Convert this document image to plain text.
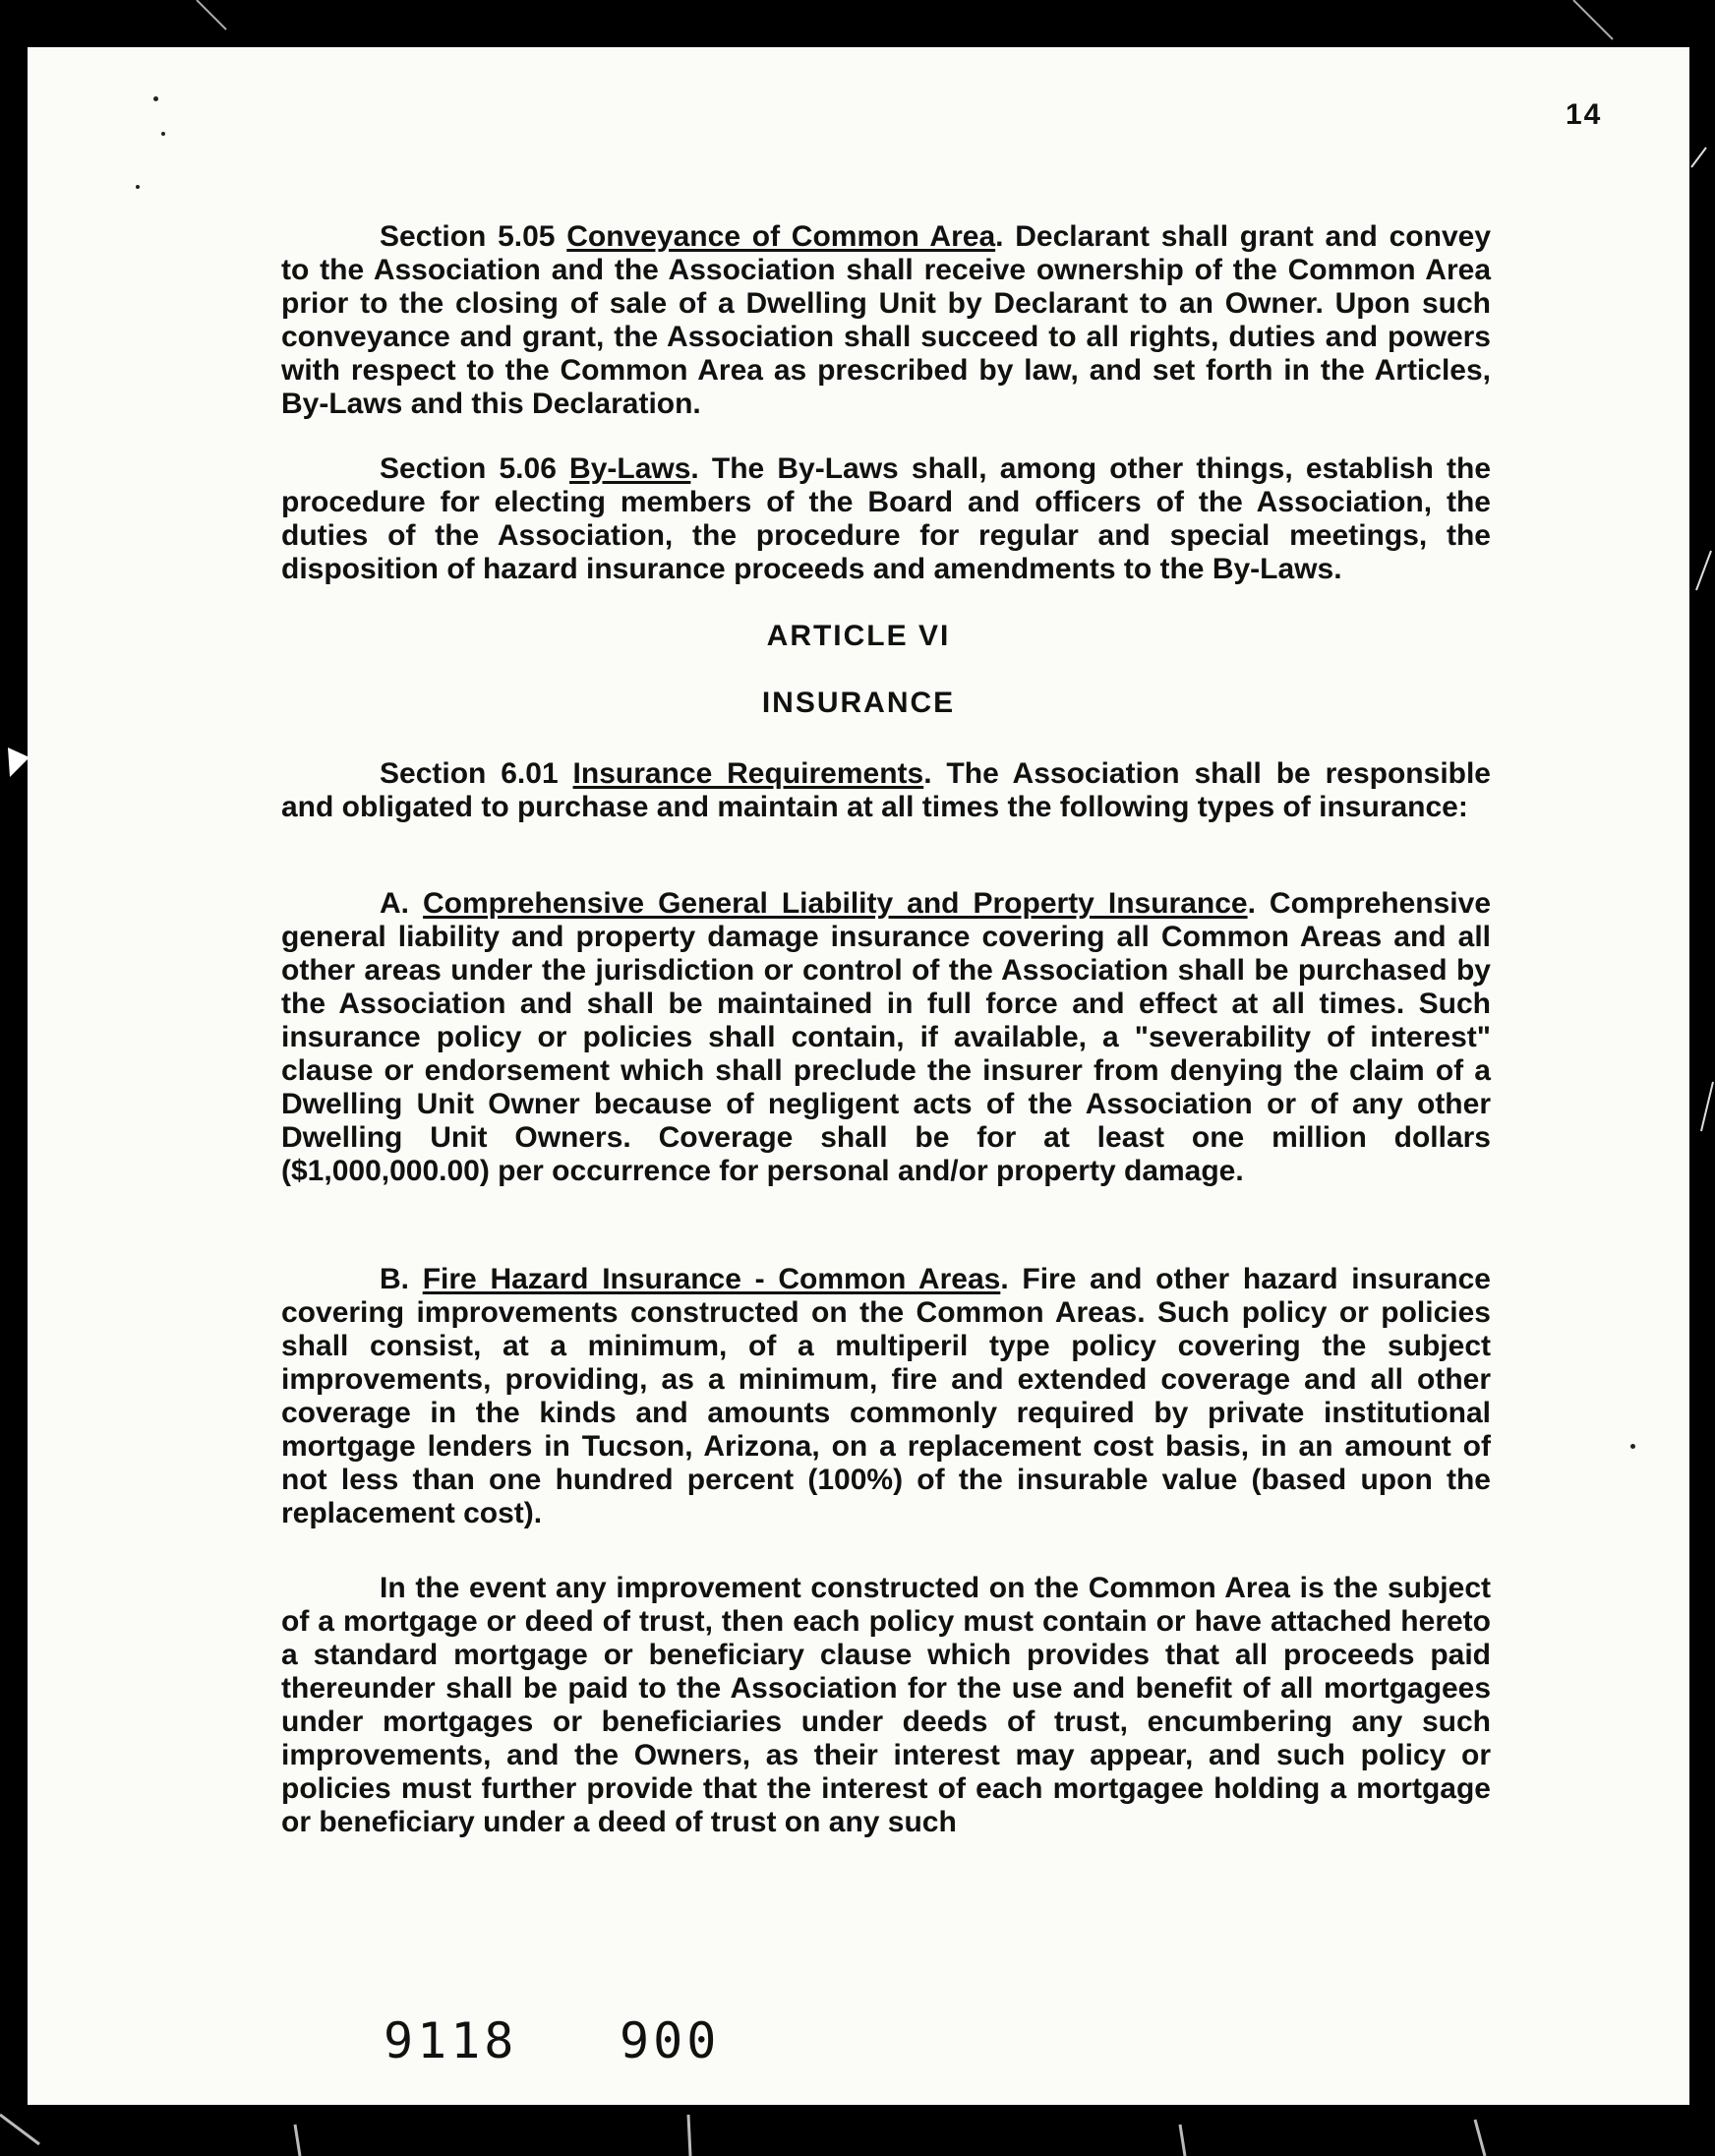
14
Section 5.05 Conveyance of Common Area. Declarant shall grant and convey to the Association and the Association shall receive ownership of the Common Area prior to the closing of sale of a Dwelling Unit by Declarant to an Owner. Upon such conveyance and grant, the Association shall succeed to all rights, duties and powers with respect to the Common Area as prescribed by law, and set forth in the Articles, By-Laws and this Declaration.
Section 5.06 By-Laws. The By-Laws shall, among other things, establish the procedure for electing members of the Board and officers of the Association, the duties of the Association, the procedure for regular and special meetings, the disposition of hazard insurance proceeds and amendments to the By-Laws.
ARTICLE VI
INSURANCE
Section 6.01 Insurance Requirements. The Association shall be responsible and obligated to purchase and maintain at all times the following types of insurance:
A. Comprehensive General Liability and Property Insurance. Comprehensive general liability and property damage insurance covering all Common Areas and all other areas under the jurisdiction or control of the Association shall be purchased by the Association and shall be maintained in full force and effect at all times. Such insurance policy or policies shall contain, if available, a "severability of interest" clause or endorsement which shall preclude the insurer from denying the claim of a Dwelling Unit Owner because of negligent acts of the Association or of any other Dwelling Unit Owners. Coverage shall be for at least one million dollars ($1,000,000.00) per occurrence for personal and/or property damage.
B. Fire Hazard Insurance - Common Areas. Fire and other hazard insurance covering improvements constructed on the Common Areas. Such policy or policies shall consist, at a minimum, of a multiperil type policy covering the subject improvements, providing, as a minimum, fire and extended coverage and all other coverage in the kinds and amounts commonly required by private institutional mortgage lenders in Tucson, Arizona, on a replacement cost basis, in an amount of not less than one hundred percent (100%) of the insurable value (based upon the replacement cost).
In the event any improvement constructed on the Common Area is the subject of a mortgage or deed of trust, then each policy must contain or have attached hereto a standard mortgage or beneficiary clause which provides that all proceeds paid thereunder shall be paid to the Association for the use and benefit of all mortgagees under mortgages or beneficiaries under deeds of trust, encumbering any such improvements, and the Owners, as their interest may appear, and such policy or policies must further provide that the interest of each mortgagee holding a mortgage or beneficiary under a deed of trust on any such
9118 900
